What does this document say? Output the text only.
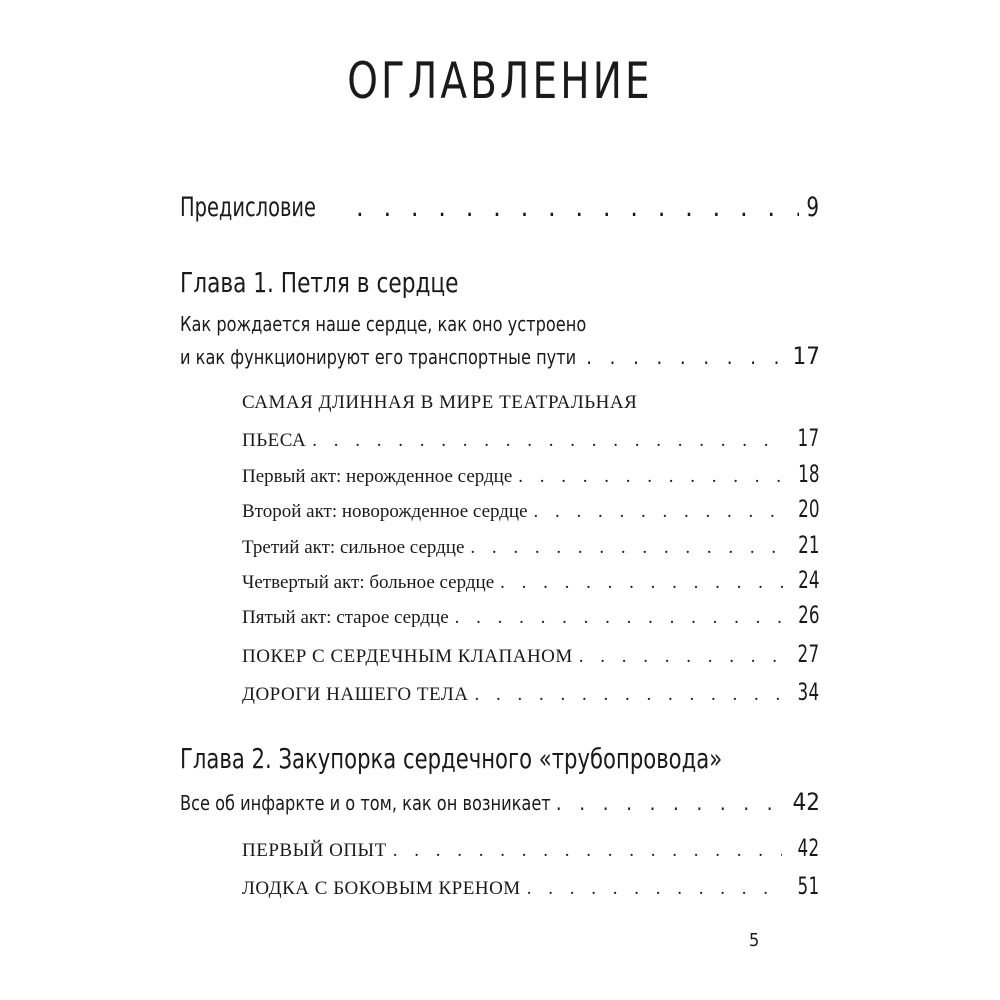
ОГЛАВЛЕНИЕ
Предисловие . . .	9
Глава 1. Петля в сердце
Как рождается наше сердце, как оно устроено
и как функционируют его транспортные пути . . .	17
САМАЯ ДЛИННАЯ В МИРЕ ТЕАТРАЛЬНАЯ
ПЬЕСА . . .	17
Первый акт: нерожденное сердце . . .	18
Второй акт: новорожденное сердце . . .	20
Третий акт: сильное сердце . . .	21
Четвертый акт: больное сердце . . .	24
Пятый акт: старое сердце . . .	26
ПОКЕР С СЕРДЕЧНЫМ КЛАПАНОМ . . .	27
ДОРОГИ НАШЕГО ТЕЛА . . .	34
Глава 2. Закупорка сердечного «трубопровода»
Все об инфаркте и о том, как он возникает . . .	42
ПЕРВЫЙ ОПЫТ . . .	42
ЛОДКА С БОКОВЫМ КРЕНОМ . . .	51
5
